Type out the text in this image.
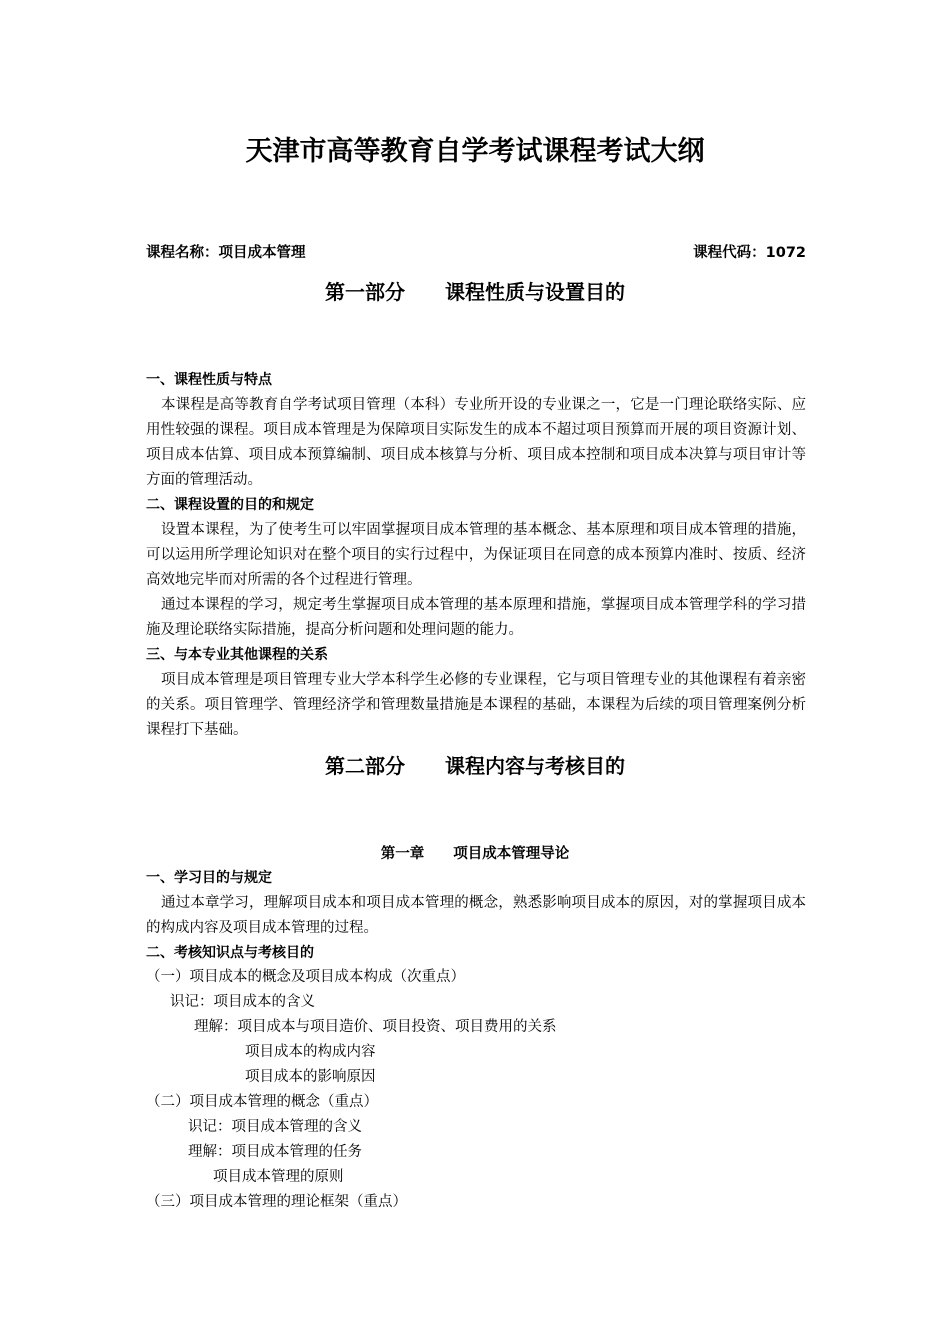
天津市高等教育自学考试课程考试大纲
课程名称：项目成本管理	课程代码：1072
第一部分　　课程性质与设置目的
一、课程性质与特点
本课程是高等教育自学考试项目管理（本科）专业所开设的专业课之一，它是一门理论联络实际、应用性较强的课程。项目成本管理是为保障项目实际发生的成本不超过项目预算而开展的项目资源计划、项目成本估算、项目成本预算编制、项目成本核算与分析、项目成本控制和项目成本决算与项目审计等方面的管理活动。
二、课程设置的目的和规定
设置本课程，为了使考生可以牢固掌握项目成本管理的基本概念、基本原理和项目成本管理的措施，可以运用所学理论知识对在整个项目的实行过程中，为保证项目在同意的成本预算内准时、按质、经济高效地完毕而对所需的各个过程进行管理。
通过本课程的学习，规定考生掌握项目成本管理的基本原理和措施，掌握项目成本管理学科的学习措施及理论联络实际措施，提高分析问题和处理问题的能力。
三、与本专业其他课程的关系
项目成本管理是项目管理专业大学本科学生必修的专业课程，它与项目管理专业的其他课程有着亲密的关系。项目管理学、管理经济学和管理数量措施是本课程的基础，本课程为后续的项目管理案例分析课程打下基础。
第二部分　　课程内容与考核目的
第一章　　项目成本管理导论
一、学习目的与规定
通过本章学习，理解项目成本和项目成本管理的概念，熟悉影响项目成本的原因，对的掌握项目成本的构成内容及项目成本管理的过程。
二、考核知识点与考核目的
（一）项目成本的概念及项目成本构成（次重点）
识记：项目成本的含义
理解：项目成本与项目造价、项目投资、项目费用的关系
项目成本的构成内容
项目成本的影响原因
（二）项目成本管理的概念（重点）
识记：项目成本管理的含义
理解：项目成本管理的任务
项目成本管理的原则
（三）项目成本管理的理论框架（重点）
